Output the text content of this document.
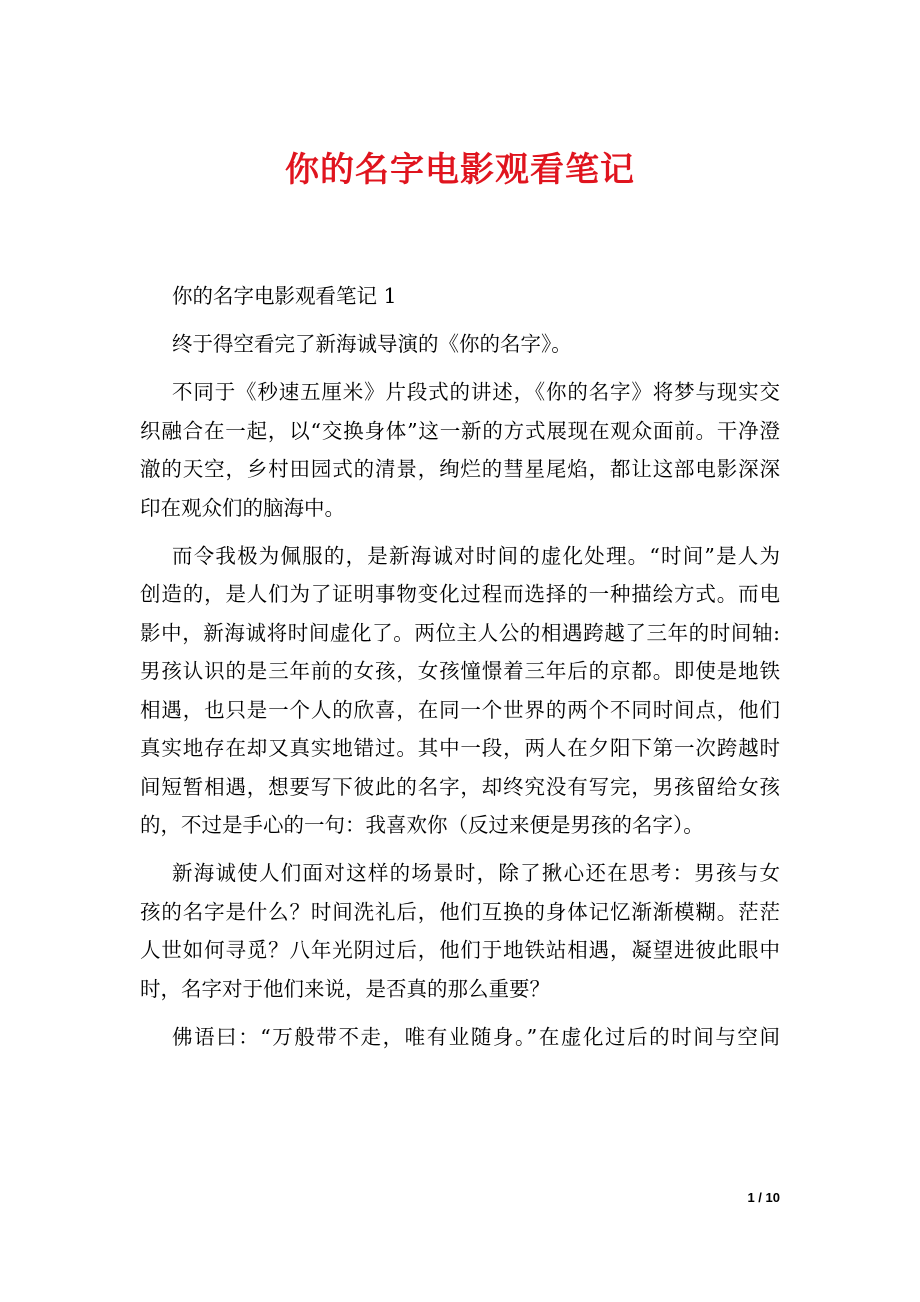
你的名字电影观看笔记
你的名字电影观看笔记 1
终于得空看完了新海诚导演的《你的名字》。
不同于《秒速五厘米》片段式的讲述，《你的名字》将梦与现实交
织融合在一起，以“交换身体”这一新的方式展现在观众面前。干净澄
澈的天空，乡村田园式的清景，绚烂的彗星尾焰，都让这部电影深深
印在观众们的脑海中。
而令我极为佩服的，是新海诚对时间的虚化处理。“时间”是人为
创造的，是人们为了证明事物变化过程而选择的一种描绘方式。而电
影中，新海诚将时间虚化了。两位主人公的相遇跨越了三年的时间轴:
男孩认识的是三年前的女孩，女孩憧憬着三年后的京都。即使是地铁
相遇，也只是一个人的欣喜，在同一个世界的两个不同时间点，他们
真实地存在却又真实地错过。其中一段，两人在夕阳下第一次跨越时
间短暂相遇，想要写下彼此的名字，却终究没有写完，男孩留给女孩
的，不过是手心的一句：我喜欢你（反过来便是男孩的名字）。
新海诚使人们面对这样的场景时，除了揪心还在思考：男孩与女
孩的名字是什么？时间洗礼后，他们互换的身体记忆渐渐模糊。茫茫
人世如何寻觅？八年光阴过后，他们于地铁站相遇，凝望进彼此眼中
时，名字对于他们来说，是否真的那么重要？
佛语曰：“万般带不走，唯有业随身。”在虚化过后的时间与空间
1 / 10
